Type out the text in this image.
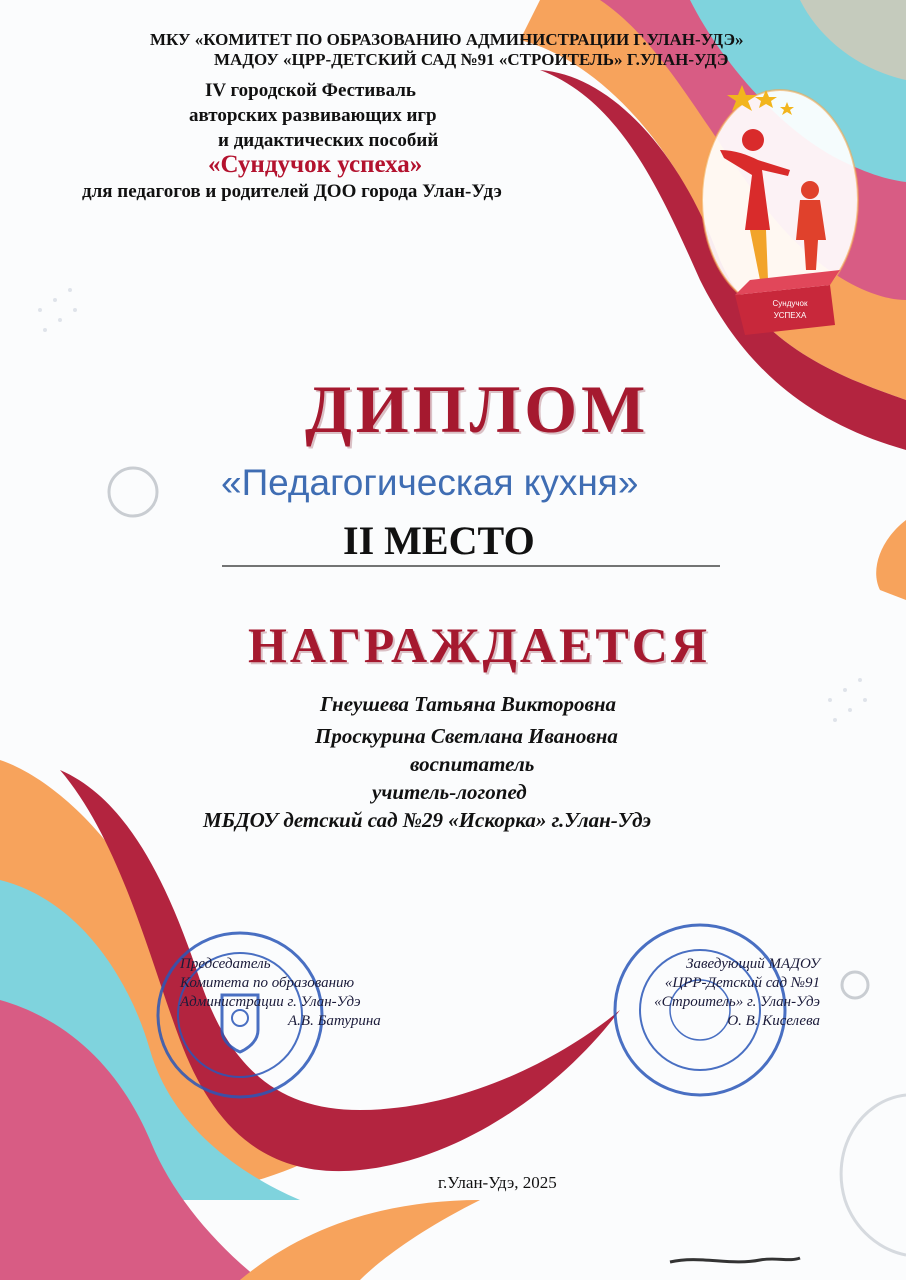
Сундучок
УСПЕХА
МКУ «КОМИТЕТ ПО ОБРАЗОВАНИЮ АДМИНИСТРАЦИИ Г.УЛАН-УДЭ»
МАДОУ «ЦРР-ДЕТСКИЙ САД №91 «СТРОИТЕЛЬ» Г.УЛАН-УДЭ
IV городской Фестиваль
авторских развивающих игр
и дидактических пособий
«Сундучок успеха»
для педагогов и родителей ДОО города Улан-Удэ
ДИПЛОМ
«Педагогическая кухня»
II МЕСТО
НАГРАЖДАЕТСЯ
Гнеушева Татьяна Викторовна
Проскурина Светлана Ивановна
воспитатель
учитель-логопед
МБДОУ детский сад №29 «Искорка» г.Улан-Удэ
Председатель
Комитета по образованию
Администрации г. Улан-Удэ
А.В. Батурина
Заведующий МАДОУ
«ЦРР-Детский сад №91
«Строитель» г. Улан-Удэ
О. В. Киселева
г.Улан-Удэ, 2025
